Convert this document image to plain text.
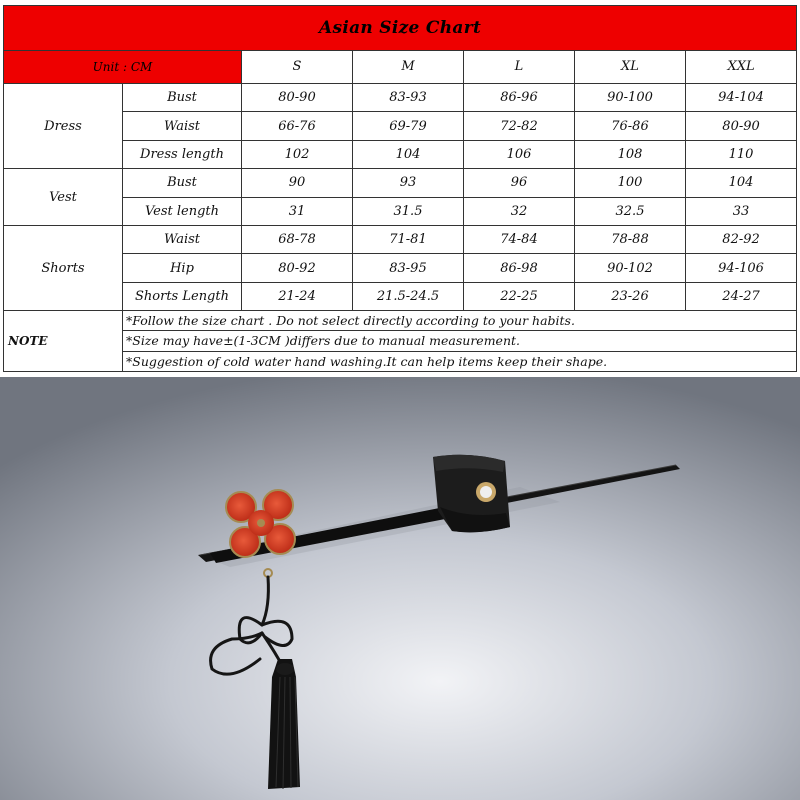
Asian Size Chart						
Unit : CM		S	M	L	XL	XXL
Dress	Bust	80-90	83-93	86-96	90-100	94-104
	Waist	66-76	69-79	72-82	76-86	80-90
	Dress length	102	104	106	108	110
Vest	Bust	90	93	96	100	104
	Vest length	31	31.5	32	32.5	33
Shorts	Waist	68-78	71-81	74-84	78-88	82-92
	Hip	80-92	83-95	86-98	90-102	94-106
	Shorts Length	21-24	21.5-24.5	22-25	23-26	24-27
NOTE	*Follow the size chart . Do not select directly according to your habits.					
	*Size may have±(1-3CM )differs due to manual measurement.					
	*Suggestion of cold water hand washing.It can help items keep their shape.					
